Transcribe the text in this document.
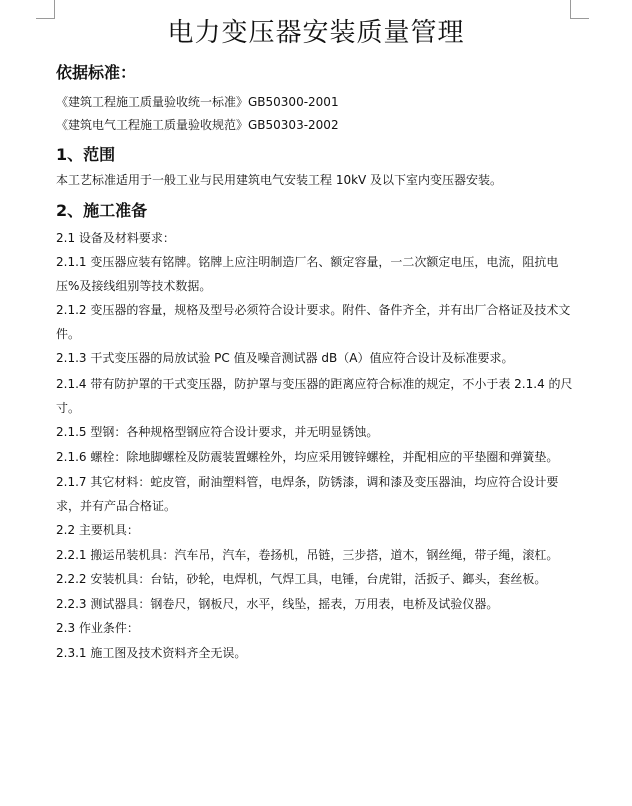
电力变压器安装质量管理
依据标准：
《建筑工程施工质量验收统一标准》GB50300-2001
《建筑电气工程施工质量验收规范》GB50303-2002
1、范围
本工艺标准适用于一般工业与民用建筑电气安装工程 10kV 及以下室内变压器安装。
2、施工准备
2.1 设备及材料要求：
2.1.1 变压器应装有铭牌。铭牌上应注明制造厂名、额定容量，一二次额定电压，电流，阻抗电压%及接线组别等技术数据。
2.1.2 变压器的容量，规格及型号必须符合设计要求。附件、备件齐全，并有出厂合格证及技术文件。
2.1.3 干式变压器的局放试验 PC 值及噪音测试器 dB（A）值应符合设计及标准要求。
2.1.4 带有防护罩的干式变压器，防护罩与变压器的距离应符合标准的规定，不小于表 2.1.4 的尺寸。
2.1.5 型钢：各种规格型钢应符合设计要求，并无明显锈蚀。
2.1.6 螺栓：除地脚螺栓及防震装置螺栓外，均应采用镀锌螺栓，并配相应的平垫圈和弹簧垫。
2.1.7 其它材料：蛇皮管，耐油塑料管，电焊条，防锈漆，调和漆及变压器油，均应符合设计要求，并有产品合格证。
2.2 主要机具：
2.2.1 搬运吊装机具：汽车吊，汽车，卷扬机，吊链，三步搭，道木，钢丝绳，带子绳，滚杠。
2.2.2 安装机具：台钻，砂轮，电焊机，气焊工具，电锤，台虎钳，活扳子、鎯头，套丝板。
2.2.3 测试器具：钢卷尺，钢板尺，水平，线坠，摇表，万用表，电桥及试验仪器。
2.3 作业条件：
2.3.1 施工图及技术资料齐全无误。
